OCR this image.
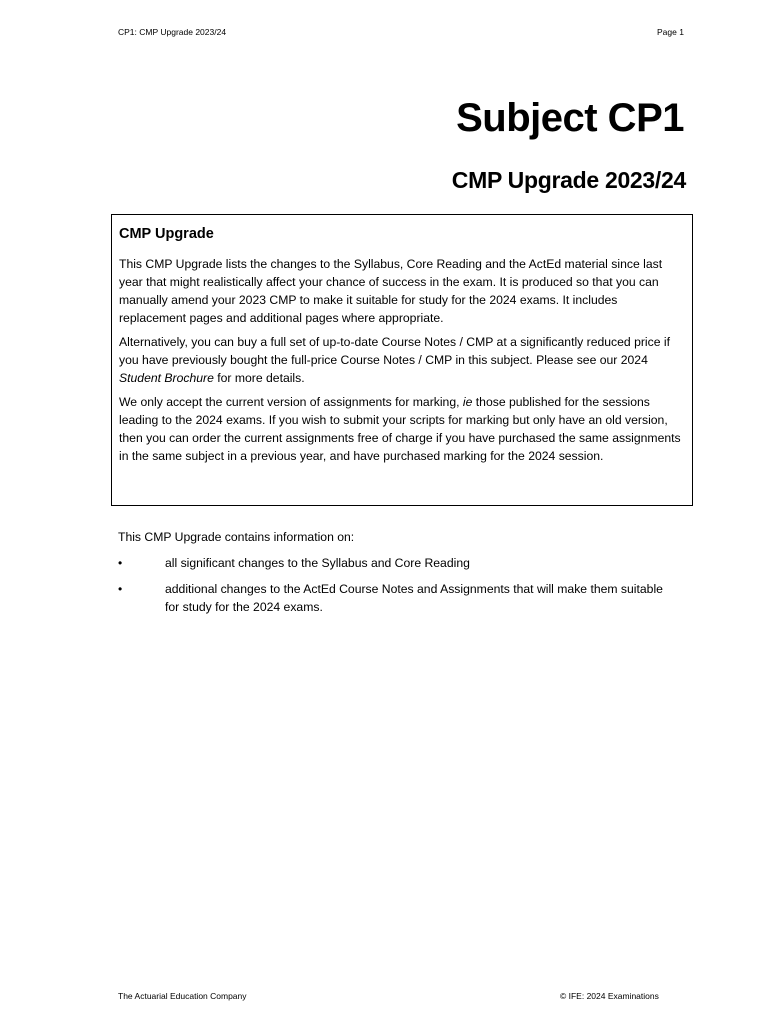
CP1: CMP Upgrade 2023/24	Page 1
Subject CP1
CMP Upgrade 2023/24
CMP Upgrade

This CMP Upgrade lists the changes to the Syllabus, Core Reading and the ActEd material since last year that might realistically affect your chance of success in the exam. It is produced so that you can manually amend your 2023 CMP to make it suitable for study for the 2024 exams. It includes replacement pages and additional pages where appropriate.

Alternatively, you can buy a full set of up-to-date Course Notes / CMP at a significantly reduced price if you have previously bought the full-price Course Notes / CMP in this subject. Please see our 2024 Student Brochure for more details.

We only accept the current version of assignments for marking, ie those published for the sessions leading to the 2024 exams. If you wish to submit your scripts for marking but only have an old version, then you can order the current assignments free of charge if you have purchased the same assignments in the same subject in a previous year, and have purchased marking for the 2024 session.

This CMP Upgrade contains information on:
•	all significant changes to the Syllabus and Core Reading
•	additional changes to the ActEd Course Notes and Assignments that will make them suitable for study for the 2024 exams.
The Actuarial Education Company	© IFE: 2024 Examinations
